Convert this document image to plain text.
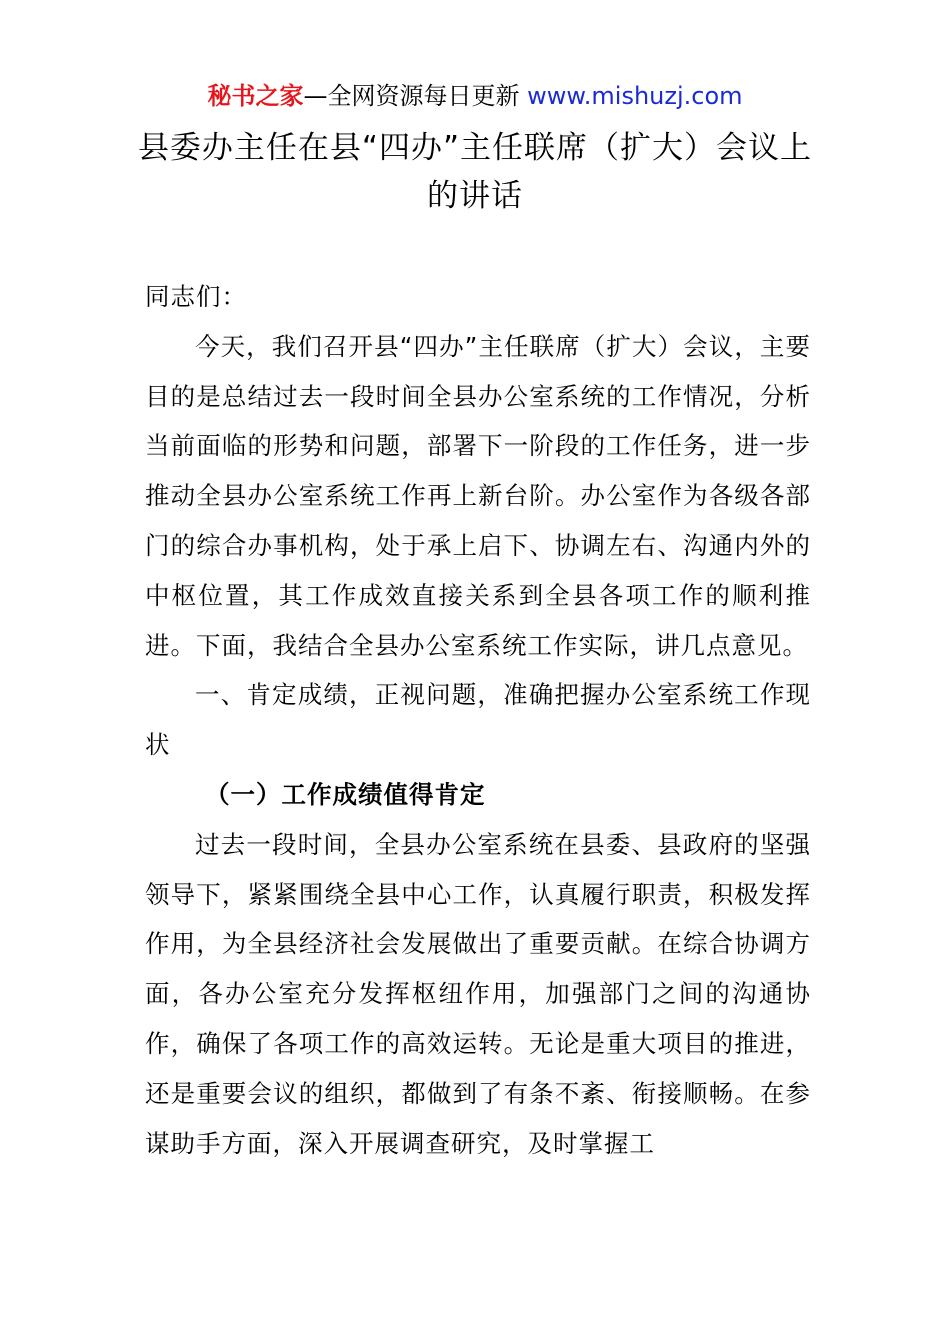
秘书之家—全网资源每日更新 www.mishuzj.com
县委办主任在县“四办”主任联席（扩大）会议上的讲话

同志们：

今天，我们召开县“四办”主任联席（扩大）会议，主要目的是总结过去一段时间全县办公室系统的工作情况，分析当前面临的形势和问题，部署下一阶段的工作任务，进一步推动全县办公室系统工作再上新台阶。办公室作为各级各部门的综合办事机构，处于承上启下、协调左右、沟通内外的中枢位置，其工作成效直接关系到全县各项工作的顺利推进。下面，我结合全县办公室系统工作实际，讲几点意见。

一、肯定成绩，正视问题，准确把握办公室系统工作现状

（一）工作成绩值得肯定

过去一段时间，全县办公室系统在县委、县政府的坚强领导下，紧紧围绕全县中心工作，认真履行职责，积极发挥作用，为全县经济社会发展做出了重要贡献。在综合协调方面，各办公室充分发挥枢纽作用，加强部门之间的沟通协作，确保了各项工作的高效运转。无论是重大项目的推进，还是重要会议的组织，都做到了有条不紊、衔接顺畅。在参谋助手方面，深入开展调查研究，及时掌握工
